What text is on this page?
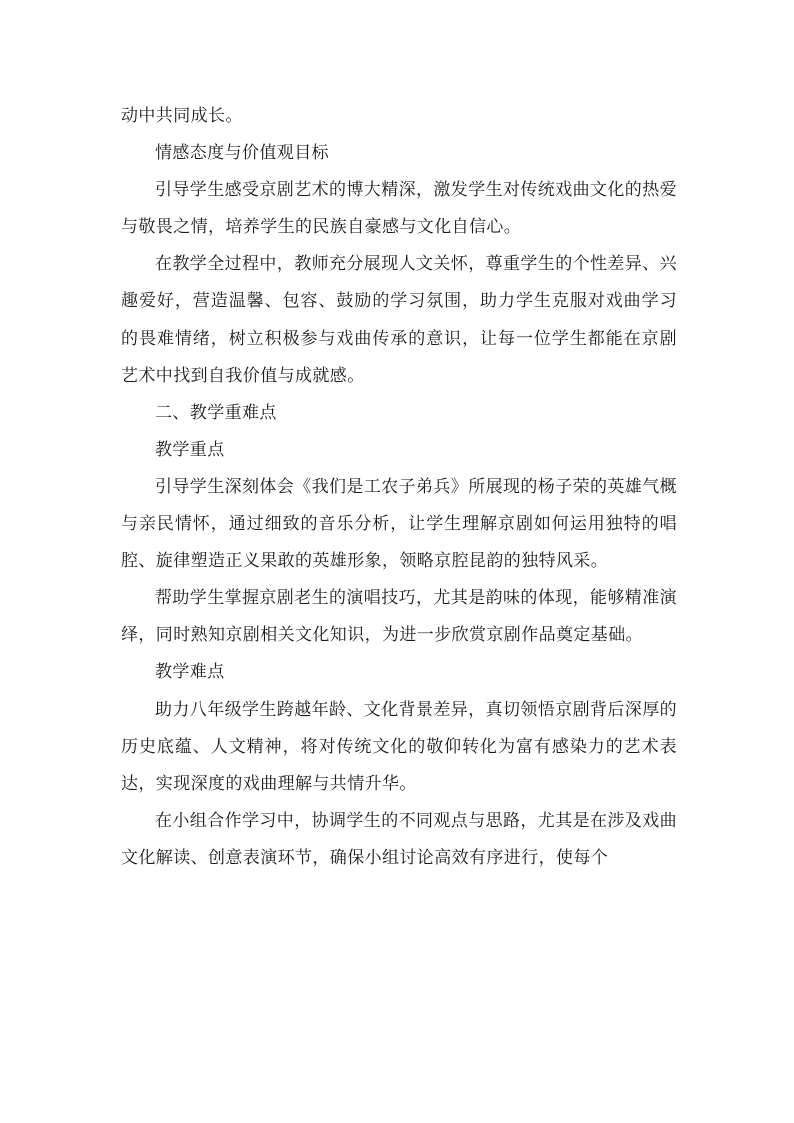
动中共同成长。

情感态度与价值观目标

引导学生感受京剧艺术的博大精深，激发学生对传统戏曲文化的热爱与敬畏之情，培养学生的民族自豪感与文化自信心。

在教学全过程中，教师充分展现人文关怀，尊重学生的个性差异、兴趣爱好，营造温馨、包容、鼓励的学习氛围，助力学生克服对戏曲学习的畏难情绪，树立积极参与戏曲传承的意识，让每一位学生都能在京剧艺术中找到自我价值与成就感。

二、教学重难点

教学重点

引导学生深刻体会《我们是工农子弟兵》所展现的杨子荣的英雄气概与亲民情怀，通过细致的音乐分析，让学生理解京剧如何运用独特的唱腔、旋律塑造正义果敢的英雄形象，领略京腔昆韵的独特风采。

帮助学生掌握京剧老生的演唱技巧，尤其是韵味的体现，能够精准演绎，同时熟知京剧相关文化知识，为进一步欣赏京剧作品奠定基础。

教学难点

助力八年级学生跨越年龄、文化背景差异，真切领悟京剧背后深厚的历史底蕴、人文精神，将对传统文化的敬仰转化为富有感染力的艺术表达，实现深度的戏曲理解与共情升华。

在小组合作学习中，协调学生的不同观点与思路，尤其是在涉及戏曲文化解读、创意表演环节，确保小组讨论高效有序进行，使每个
